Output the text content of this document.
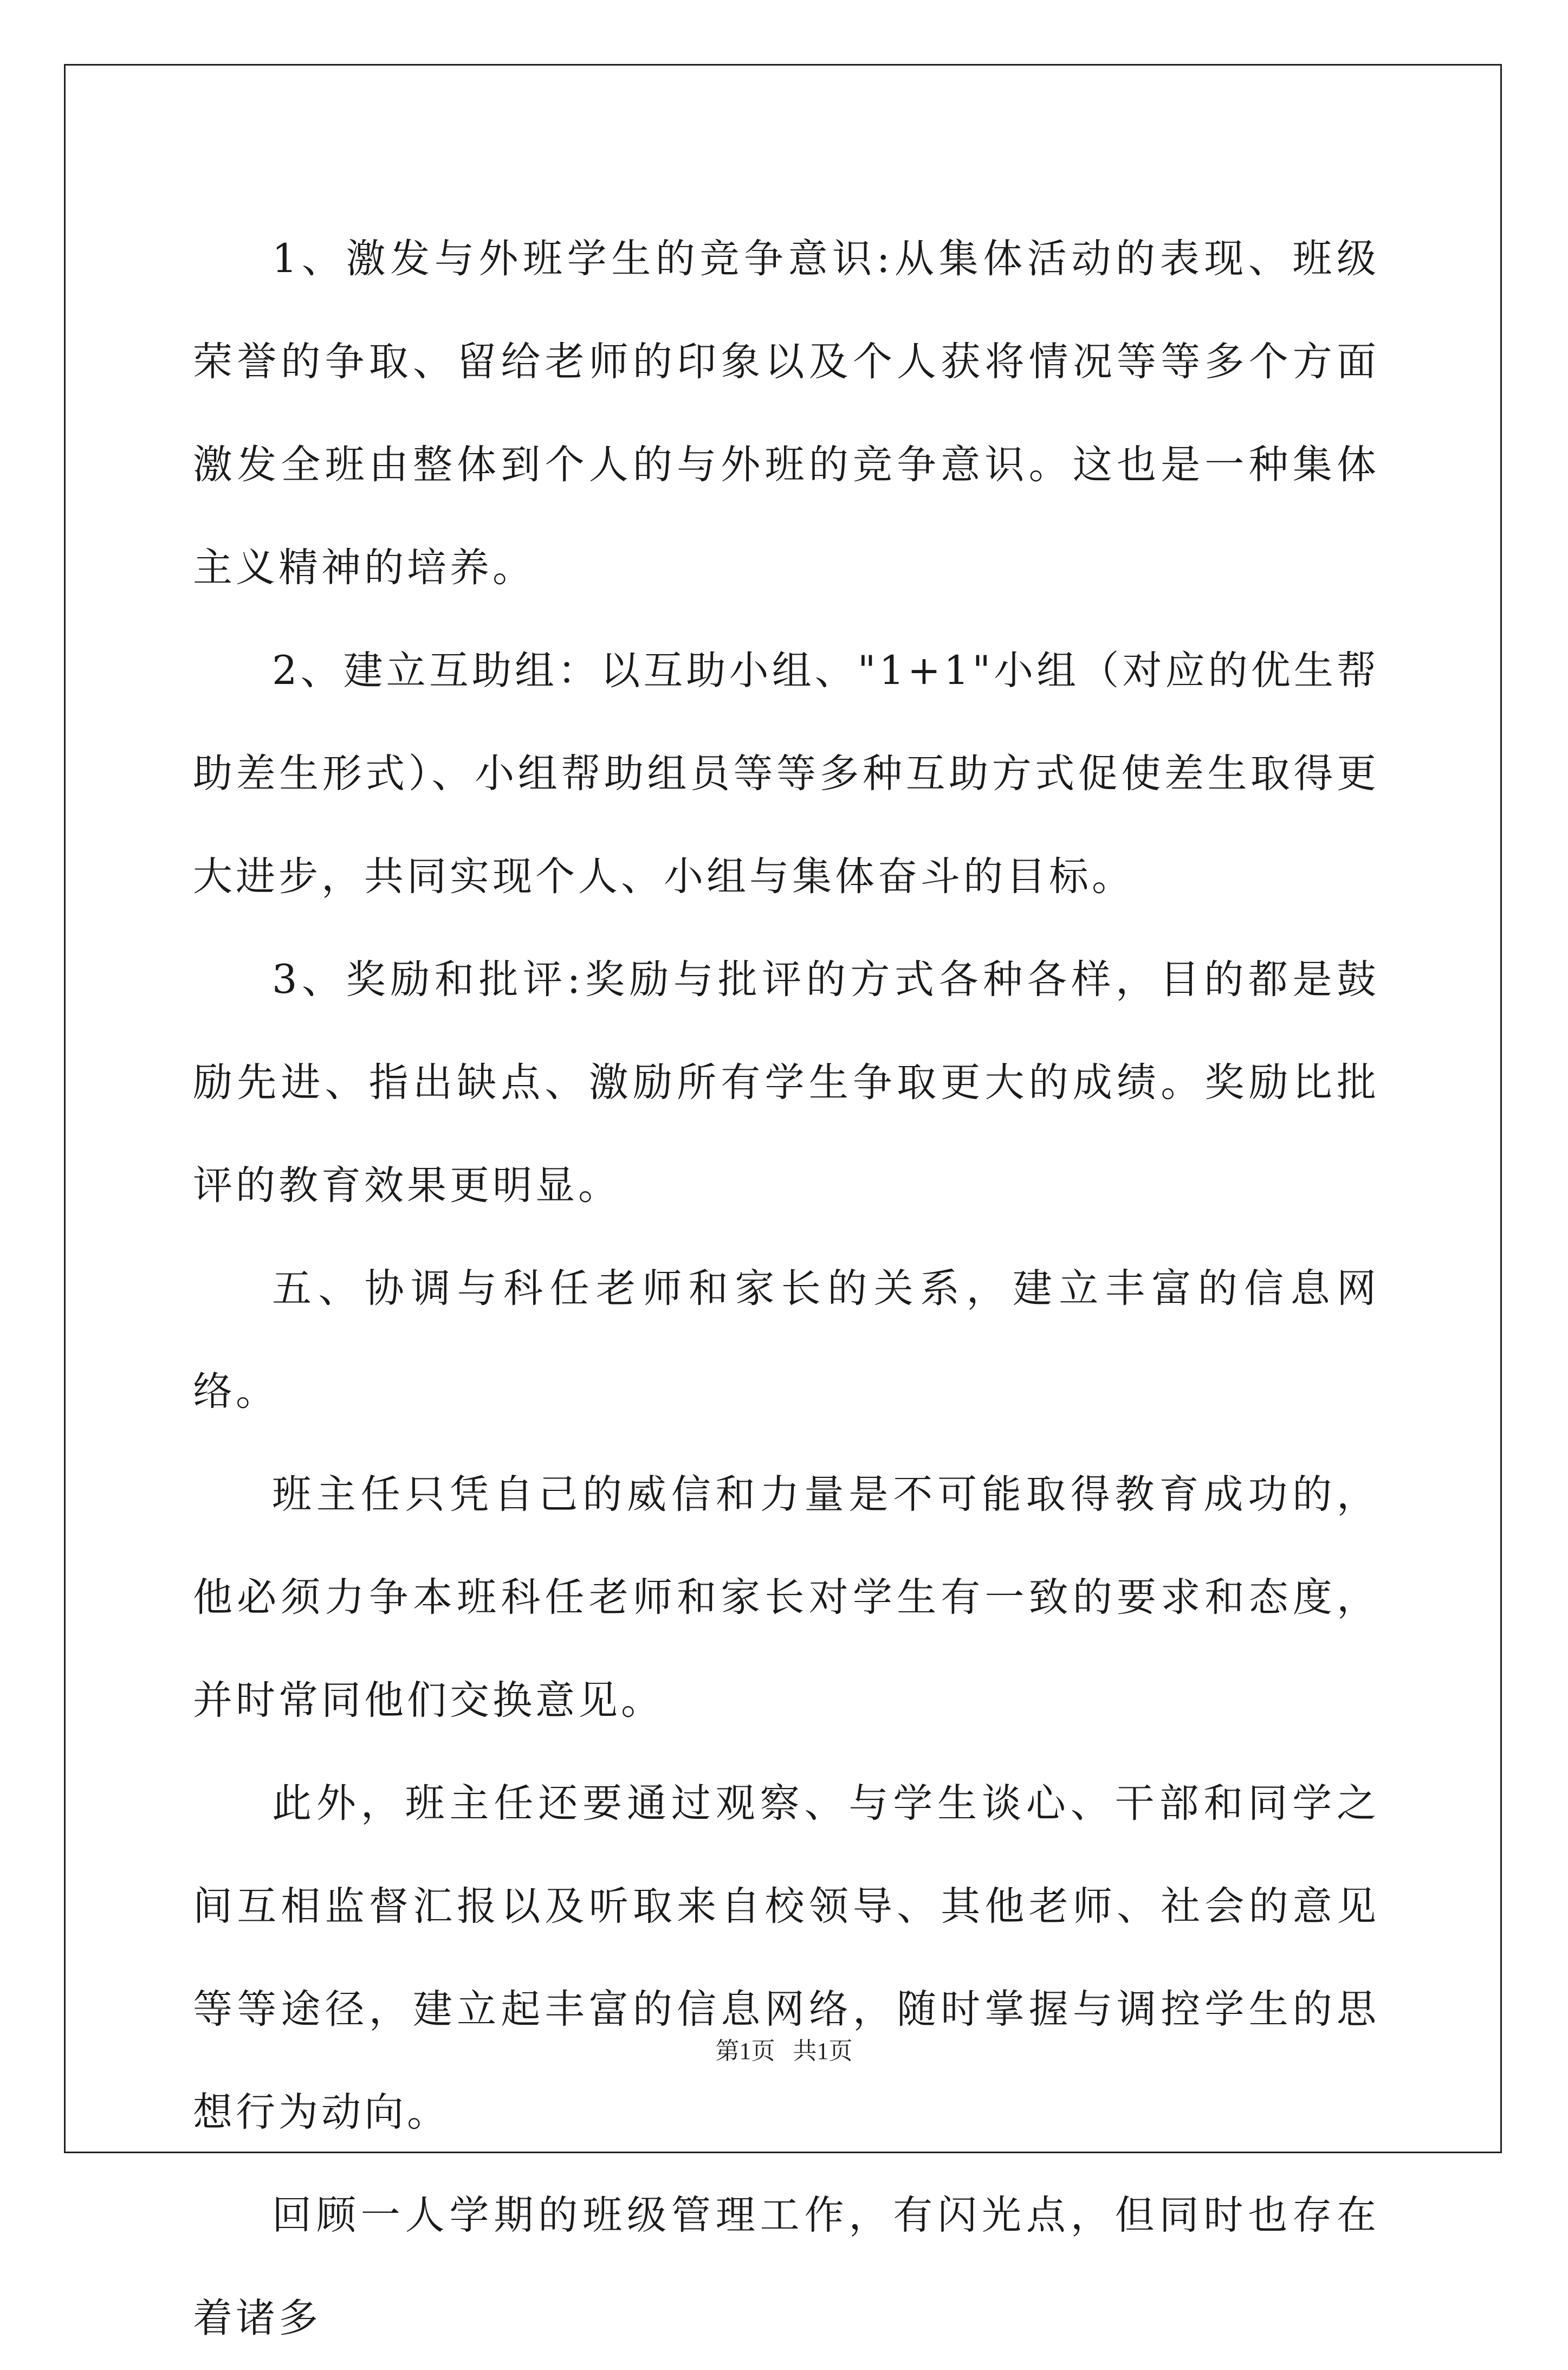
1、激发与外班学生的竞争意识:从集体活动的表现、班级荣誉的争取、留给老师的印象以及个人获将情况等等多个方面激发全班由整体到个人的与外班的竞争意识。这也是一种集体主义精神的培养。

2、建立互助组：以互助小组、"1+1"小组（对应的优生帮助差生形式）、小组帮助组员等等多种互助方式促使差生取得更大进步，共同实现个人、小组与集体奋斗的目标。

3、奖励和批评:奖励与批评的方式各种各样，目的都是鼓励先进、指出缺点、激励所有学生争取更大的成绩。奖励比批评的教育效果更明显。

五、协调与科任老师和家长的关系，建立丰富的信息网络。

班主任只凭自己的威信和力量是不可能取得教育成功的，他必须力争本班科任老师和家长对学生有一致的要求和态度，并时常同他们交换意见。

此外，班主任还要通过观察、与学生谈心、干部和同学之间互相监督汇报以及听取来自校领导、其他老师、社会的意见等等途径，建立起丰富的信息网络，随时掌握与调控学生的思想行为动向。

回顾一人学期的班级管理工作，有闪光点，但同时也存在着诸多

第1页   共1页
